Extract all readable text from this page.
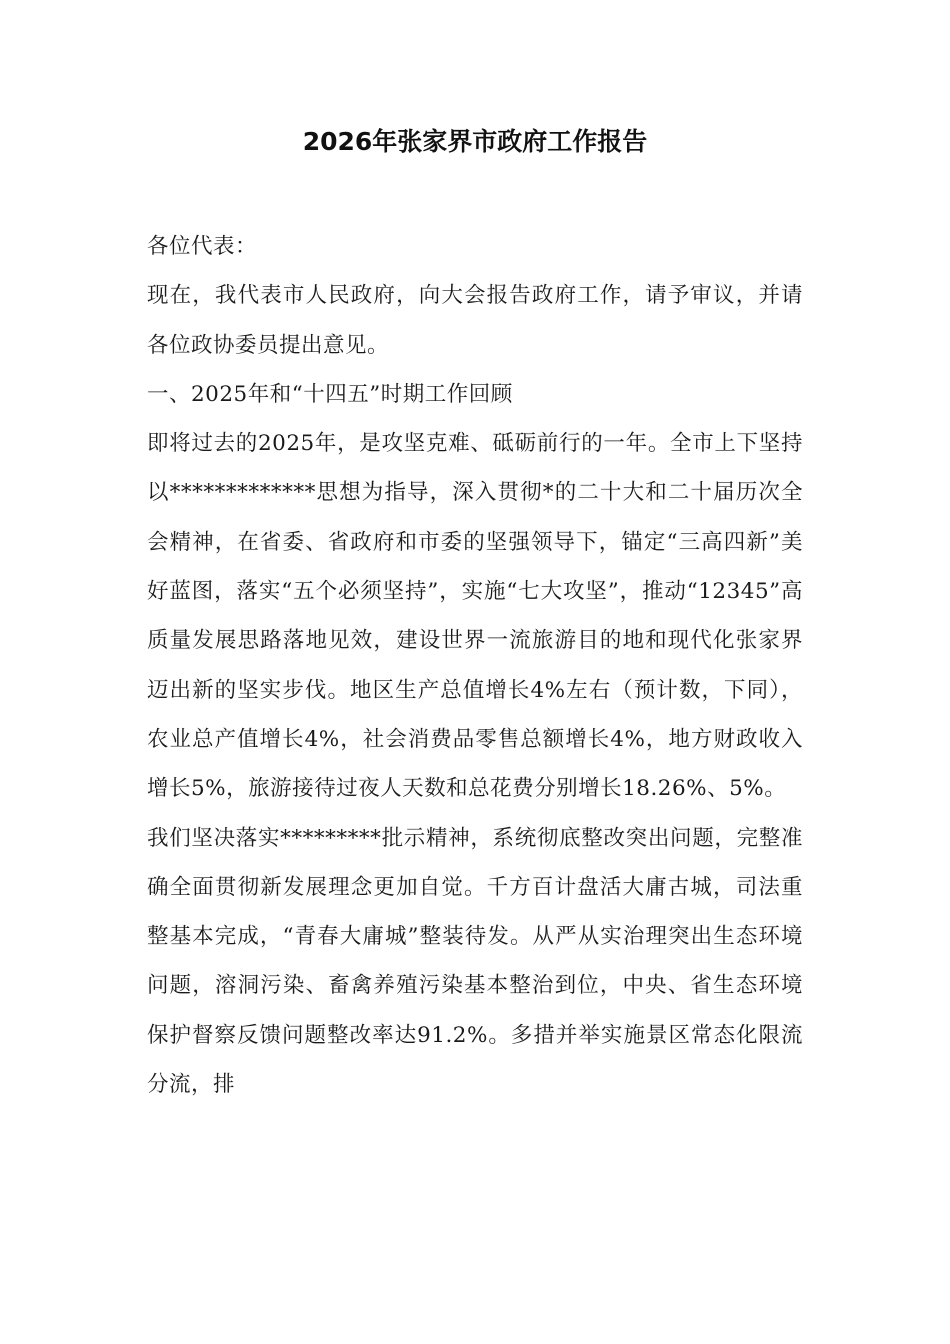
2026年张家界市政府工作报告

各位代表：

现在，我代表市人民政府，向大会报告政府工作，请予审议，并请各位政协委员提出意见。

一、2025年和“十四五”时期工作回顾

即将过去的2025年，是攻坚克难、砥砺前行的一年。全市上下坚持以*************思想为指导，深入贯彻*的二十大和二十届历次全会精神，在省委、省政府和市委的坚强领导下，锚定“三高四新”美好蓝图，落实“五个必须坚持”，实施“七大攻坚”，推动“12345”高质量发展思路落地见效，建设世界一流旅游目的地和现代化张家界迈出新的坚实步伐。地区生产总值增长4%左右（预计数，下同），农业总产值增长4%，社会消费品零售总额增长4%，地方财政收入增长5%，旅游接待过夜人天数和总花费分别增长18.26%、5%。

我们坚决落实*********批示精神，系统彻底整改突出问题，完整准确全面贯彻新发展理念更加自觉。千方百计盘活大庸古城，司法重整基本完成，“青春大庸城”整装待发。从严从实治理突出生态环境问题，溶洞污染、畜禽养殖污染基本整治到位，中央、省生态环境保护督察反馈问题整改率达91.2%。多措并举实施景区常态化限流分流，排
